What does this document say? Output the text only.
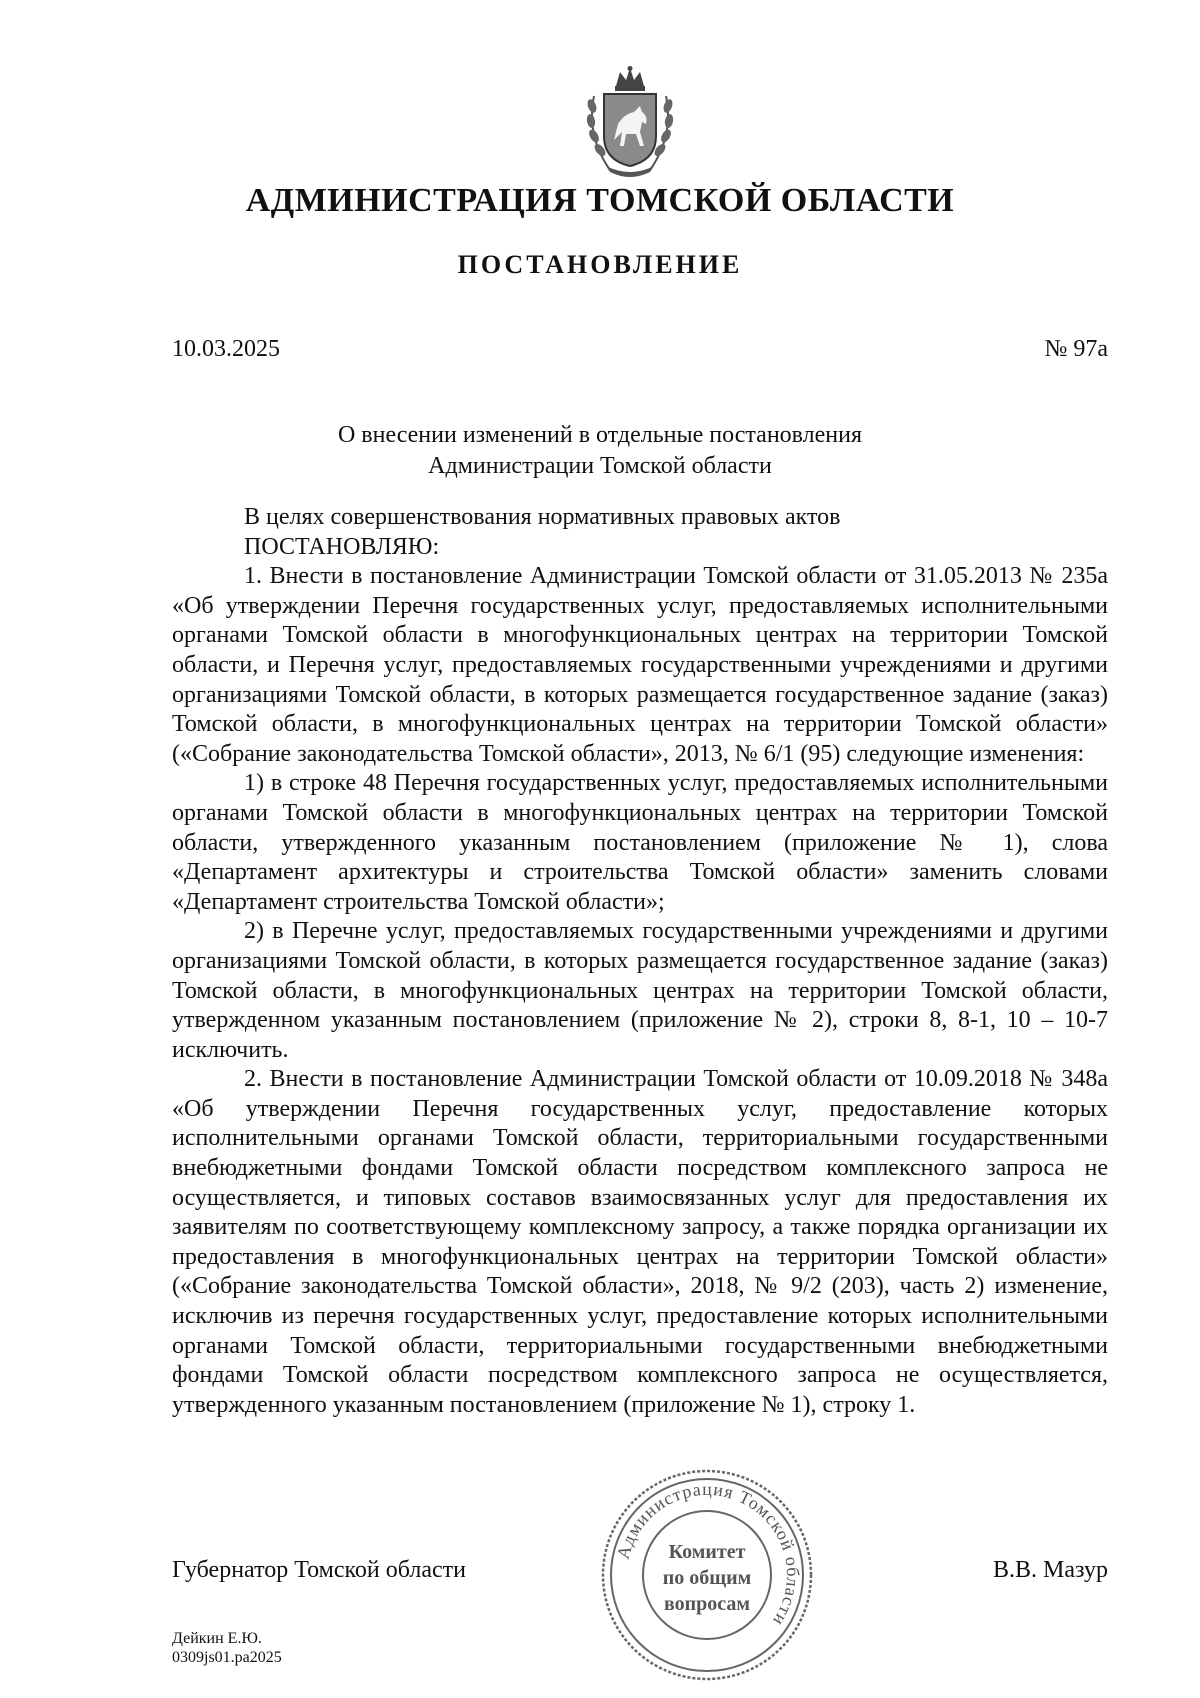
АДМИНИСТРАЦИЯ ТОМСКОЙ ОБЛАСТИ
ПОСТАНОВЛЕНИЕ
10.03.2025	№ 97а
О внесении изменений в отдельные постановления
Администрации Томской области

В целях совершенствования нормативных правовых актов

ПОСТАНОВЛЯЮ:

1. Внести в постановление Администрации Томской области от 31.05.2013 № 235а «Об утверждении Перечня государственных услуг, предоставляемых исполнительными органами Томской области в многофункциональных центрах на территории Томской области, и Перечня услуг, предоставляемых государственными учреждениями и другими организациями Томской области, в которых размещается государственное задание (заказ) Томской области, в многофункциональных центрах на территории Томской области» («Собрание законодательства Томской области», 2013, № 6/1 (95) следующие изменения:

1) в строке 48 Перечня государственных услуг, предоставляемых исполнительными органами Томской области в многофункциональных центрах на территории Томской области, утвержденного указанным постановлением (приложение № 1), слова «Департамент архитектуры и строительства Томской области» заменить словами «Департамент строительства Томской области»;

2) в Перечне услуг, предоставляемых государственными учреждениями и другими организациями Томской области, в которых размещается государственное задание (заказ) Томской области, в многофункциональных центрах на территории Томской области, утвержденном указанным постановлением (приложение № 2), строки 8, 8-1, 10 – 10-7 исключить.

2. Внести в постановление Администрации Томской области от 10.09.2018 № 348а «Об утверждении Перечня государственных услуг, предоставление которых исполнительными органами Томской области, территориальными государственными внебюджетными фондами Томской области посредством комплексного запроса не осуществляется, и типовых составов взаимосвязанных услуг для предоставления их заявителям по соответствующему комплексному запросу, а также порядка организации их предоставления в многофункциональных центрах на территории Томской области» («Собрание законодательства Томской области», 2018, № 9/2 (203), часть 2) изменение, исключив из перечня государственных услуг, предоставление которых исполнительными органами Томской области, территориальными государственными внебюджетными фондами Томской области посредством комплексного запроса не осуществляется, утвержденного указанным постановлением (приложение № 1), строку 1.

Губернатор Томской области	В.В. Мазур
Администрация Томской области
Комитет
по общим
вопросам
Дейкин Е.Ю.
0309js01.pa2025
